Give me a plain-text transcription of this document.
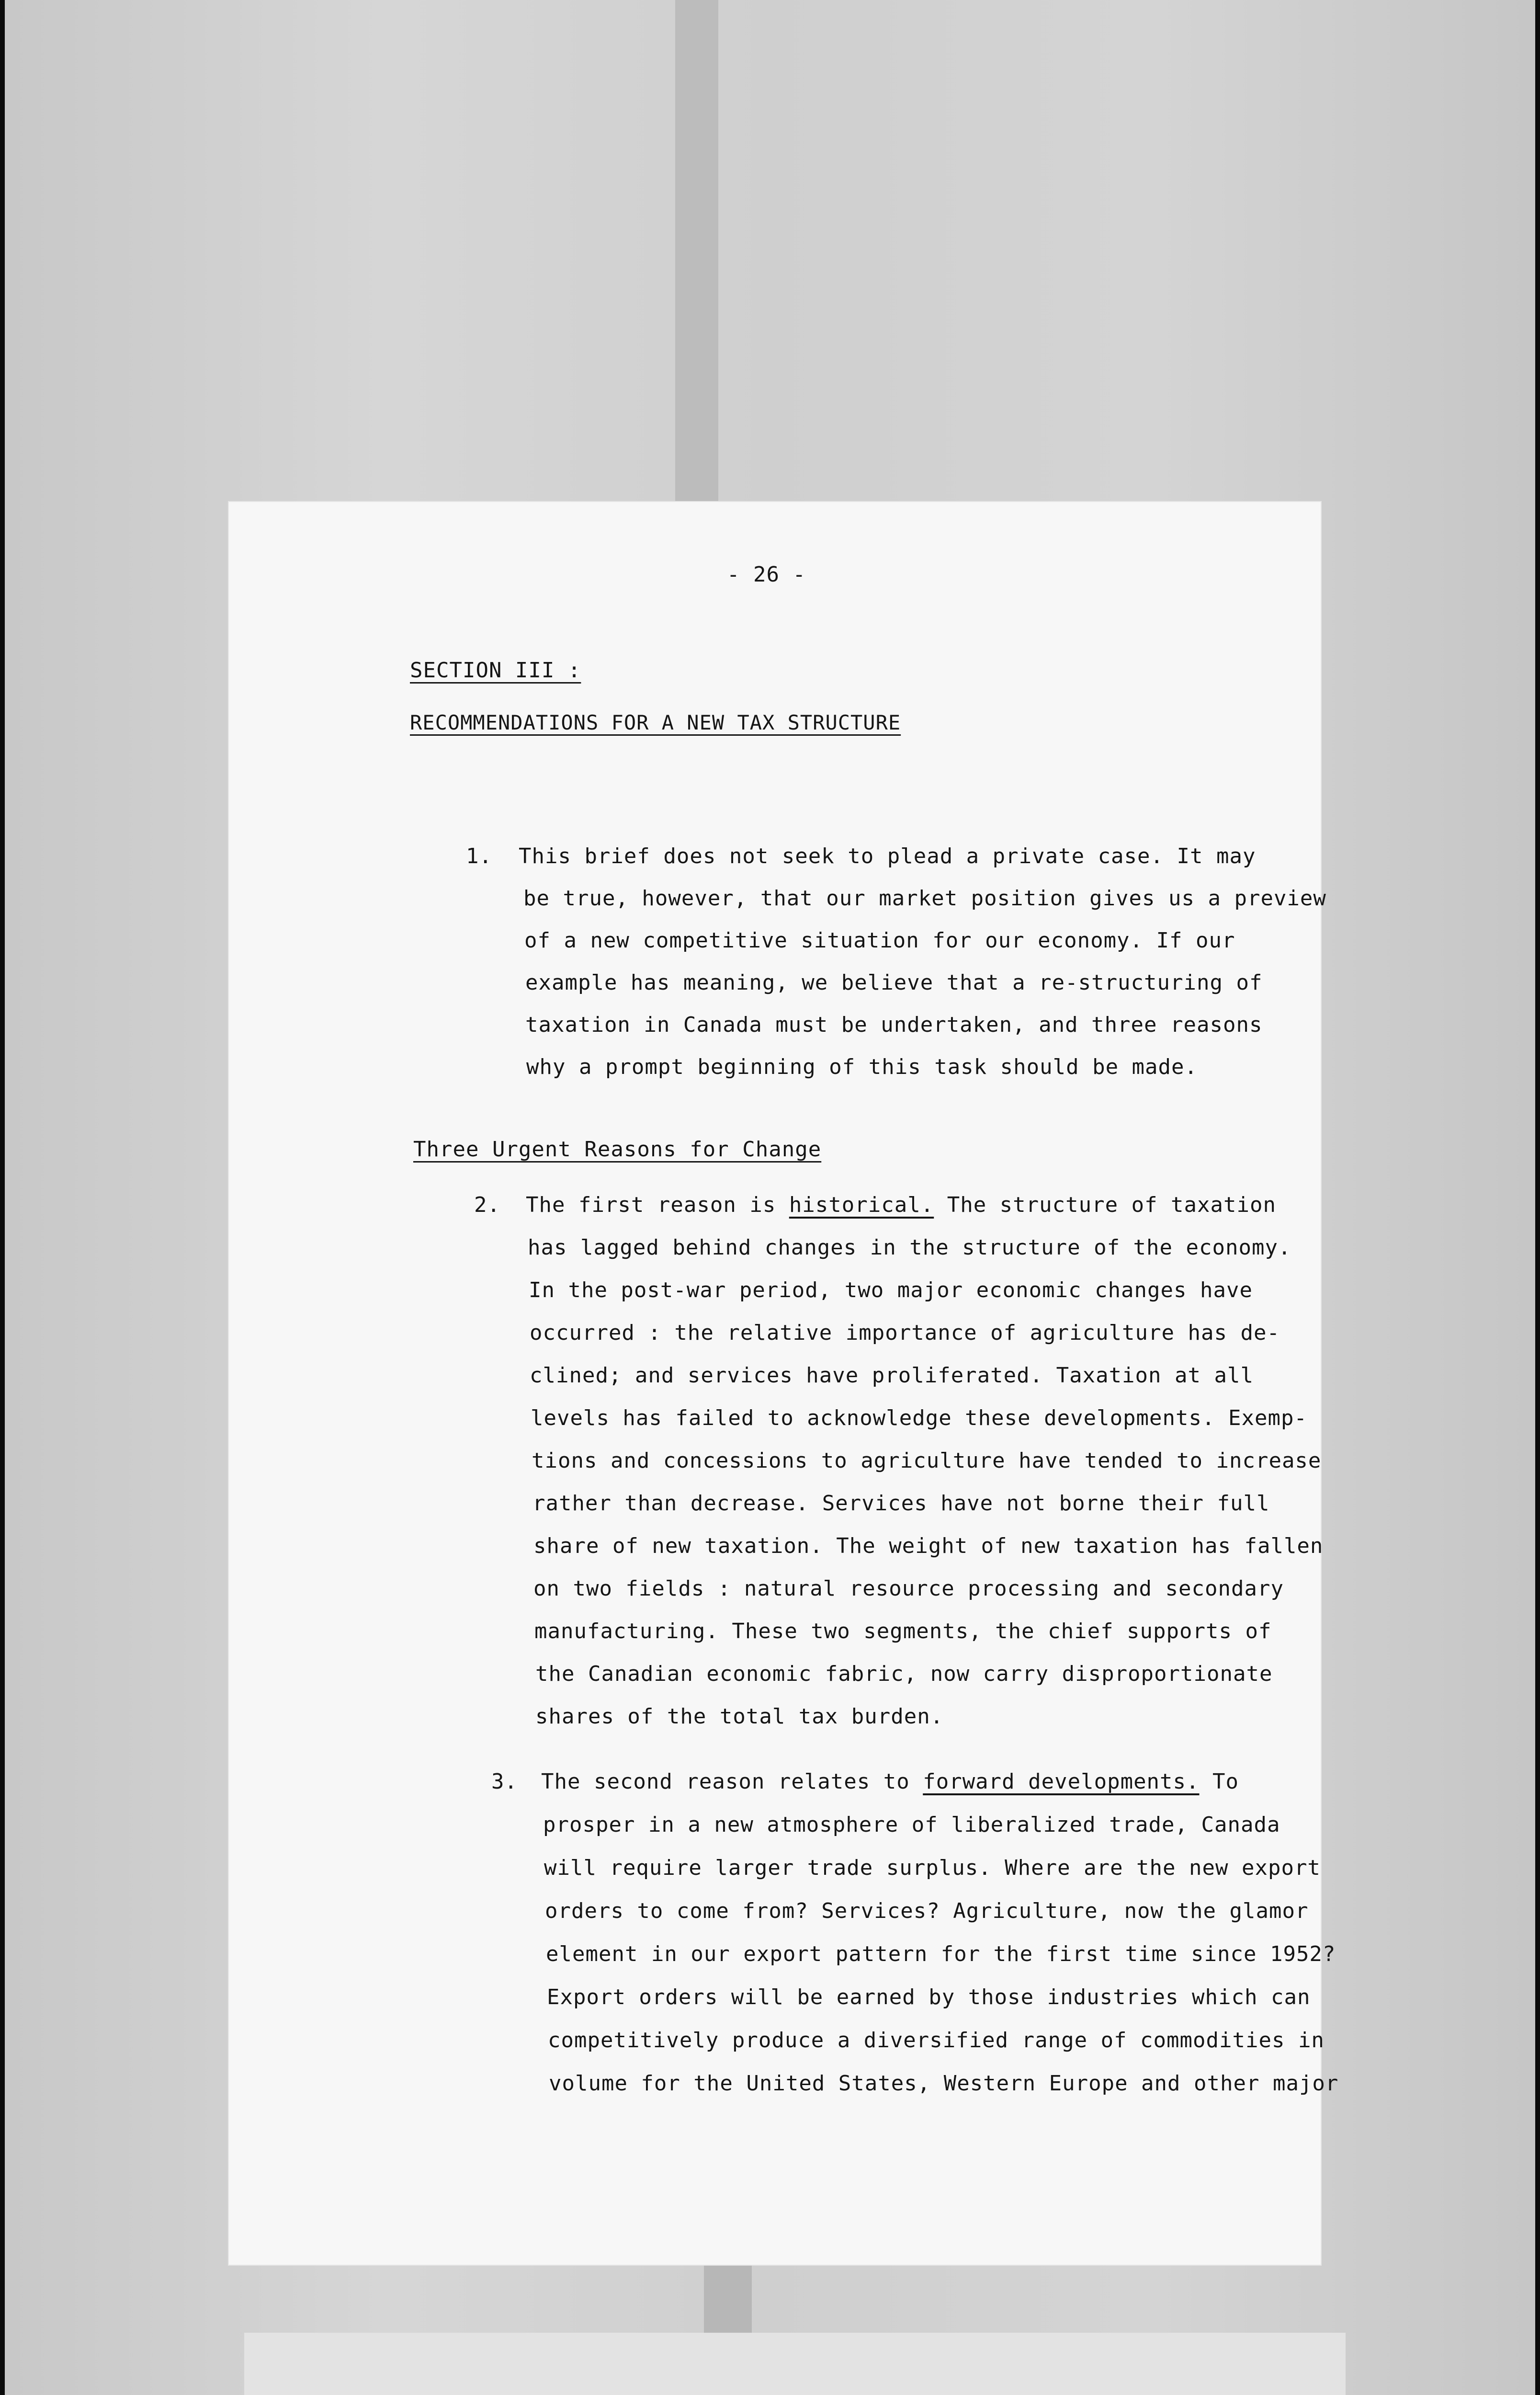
- 26 -
SECTION III :
RECOMMENDATIONS FOR A NEW TAX STRUCTURE
1. This brief does not seek to plead a private case. It may
be true, however, that our market position gives us a preview
of a new competitive situation for our economy. If our
example has meaning, we believe that a re-structuring of
taxation in Canada must be undertaken, and three reasons
why a prompt beginning of this task should be made.
Three Urgent Reasons for Change
2. The first reason is historical. The structure of taxation
has lagged behind changes in the structure of the economy.
In the post-war period, two major economic changes have
occurred : the relative importance of agriculture has de-
clined; and services have proliferated. Taxation at all
levels has failed to acknowledge these developments. Exemp-
tions and concessions to agriculture have tended to increase
rather than decrease. Services have not borne their full
share of new taxation. The weight of new taxation has fallen
on two fields : natural resource processing and secondary
manufacturing. These two segments, the chief supports of
the Canadian economic fabric, now carry disproportionate
shares of the total tax burden.
3. The second reason relates to forward developments. To
prosper in a new atmosphere of liberalized trade, Canada
will require larger trade surplus. Where are the new export
orders to come from? Services? Agriculture, now the glamor
element in our export pattern for the first time since 1952?
Export orders will be earned by those industries which can
competitively produce a diversified range of commodities in
volume for the United States, Western Europe and other major
